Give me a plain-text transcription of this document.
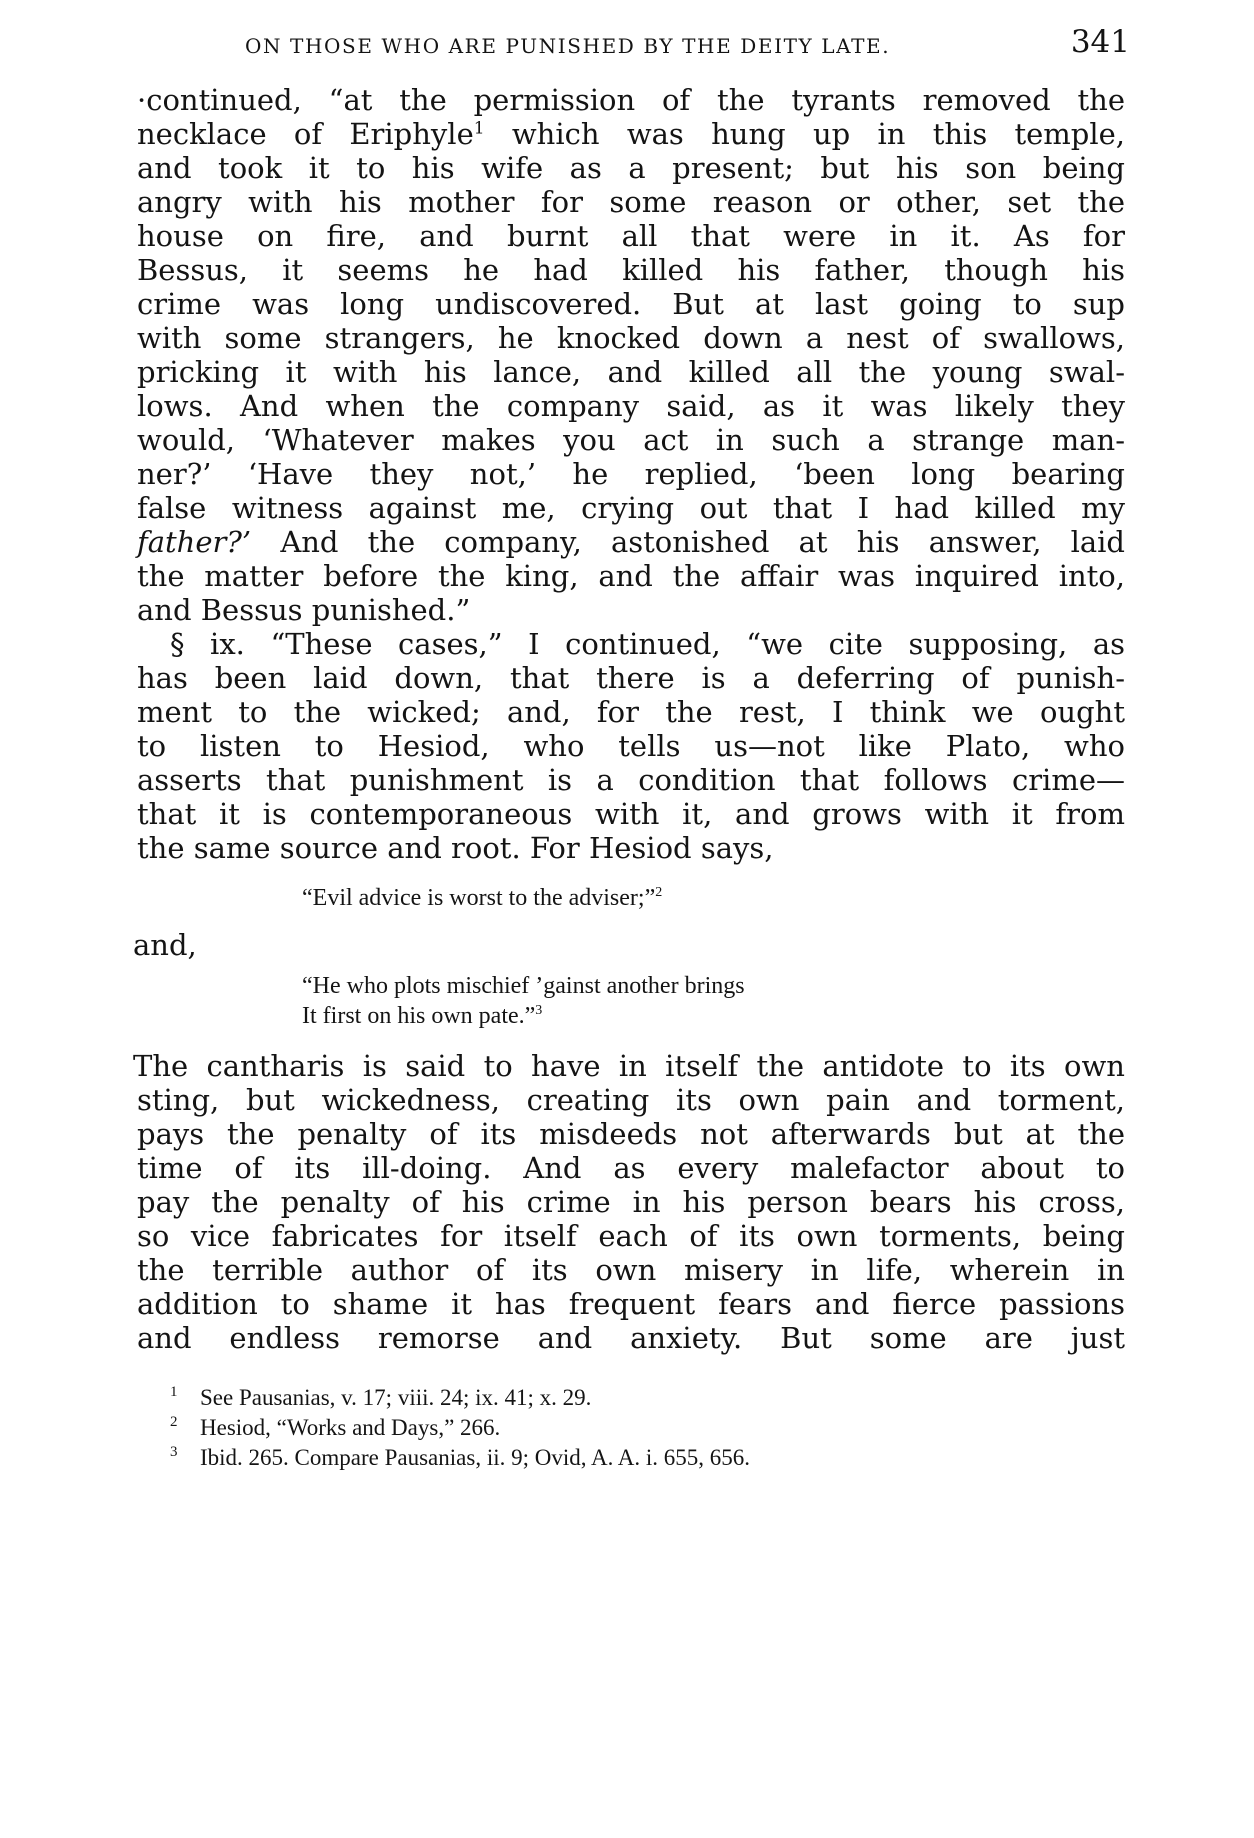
ON THOSE WHO ARE PUNISHED BY THE DEITY LATE.	341
·continued, “at the permission of the tyrants removed the
necklace of Eriphyle$^1$ which was hung up in this temple,
and took it to his wife as a present; but his son being
angry with his mother for some reason or other, set the
house on fire, and burnt all that were in it. As for
Bessus, it seems he had killed his father, though his
crime was long undiscovered. But at last going to sup
with some strangers, he knocked down a nest of swallows,
pricking it with his lance, and killed all the young swal-
lows. And when the company said, as it was likely they
would, ‘Whatever makes you act in such a strange man-
ner?’ ‘Have they not,’ he replied, ‘been long bearing
false witness against me, crying out that I had killed my
father?’ And the company, astonished at his answer, laid
the matter before the king, and the affair was inquired into,
and Bessus punished.”
§ ix. “These cases,” I continued, “we cite supposing, as
has been laid down, that there is a deferring of punish-
ment to the wicked; and, for the rest, I think we ought
to listen to Hesiod, who tells us—not like Plato, who
asserts that punishment is a condition that follows crime—
that it is contemporaneous with it, and grows with it from
the same source and root. For Hesiod says,
“Evil advice is worst to the adviser;”$^2$
and,
“He who plots mischief ’gainst another brings
It first on his own pate.”$^3$
The cantharis is said to have in itself the antidote to its own
sting, but wickedness, creating its own pain and torment,
pays the penalty of its misdeeds not afterwards but at the
time of its ill-doing. And as every malefactor about to
pay the penalty of his crime in his person bears his cross,
so vice fabricates for itself each of its own torments, being
the terrible author of its own misery in life, wherein in
addition to shame it has frequent fears and fierce passions
and endless remorse and anxiety. But some are just
1 See Pausanias, v. 17; viii. 24; ix. 41; x. 29.
2 Hesiod, “Works and Days,” 266.
3 Ibid. 265. Compare Pausanias, ii. 9; Ovid, A. A. i. 655, 656.
